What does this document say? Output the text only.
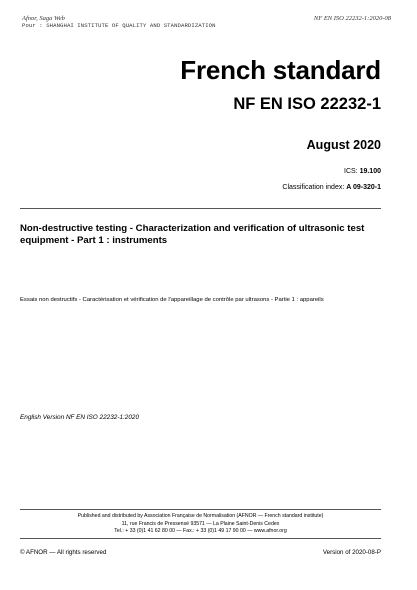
Afnor, Saga Web
Pour : SHANGHAI INSTITUTE OF QUALITY AND STANDARDIZATION
NF EN ISO 22232-1:2020-08
French standard
NF EN ISO 22232-1
August 2020
ICS: 19.100
Classification index: A 09-320-1
Non-destructive testing - Characterization and verification of ultrasonic test equipment - Part 1 : instruments
Essais non destructifs - Caractérisation et vérification de l'appareillage de contrôle par ultrasons - Partie 1 : appareils
English Version NF EN ISO 22232-1:2020
Published and distributed by Association Française de Normalisation (AFNOR — French standard institute)
11, rue Francis de Pressensé 93571 — La Plaine Saint-Denis Cedex
Tel.: + 33 (0)1 41 62 80 00 — Fax.: + 33 (0)1 49 17 90 00 — www.afnor.org
© AFNOR — All rights reserved	Version of 2020-08-P
